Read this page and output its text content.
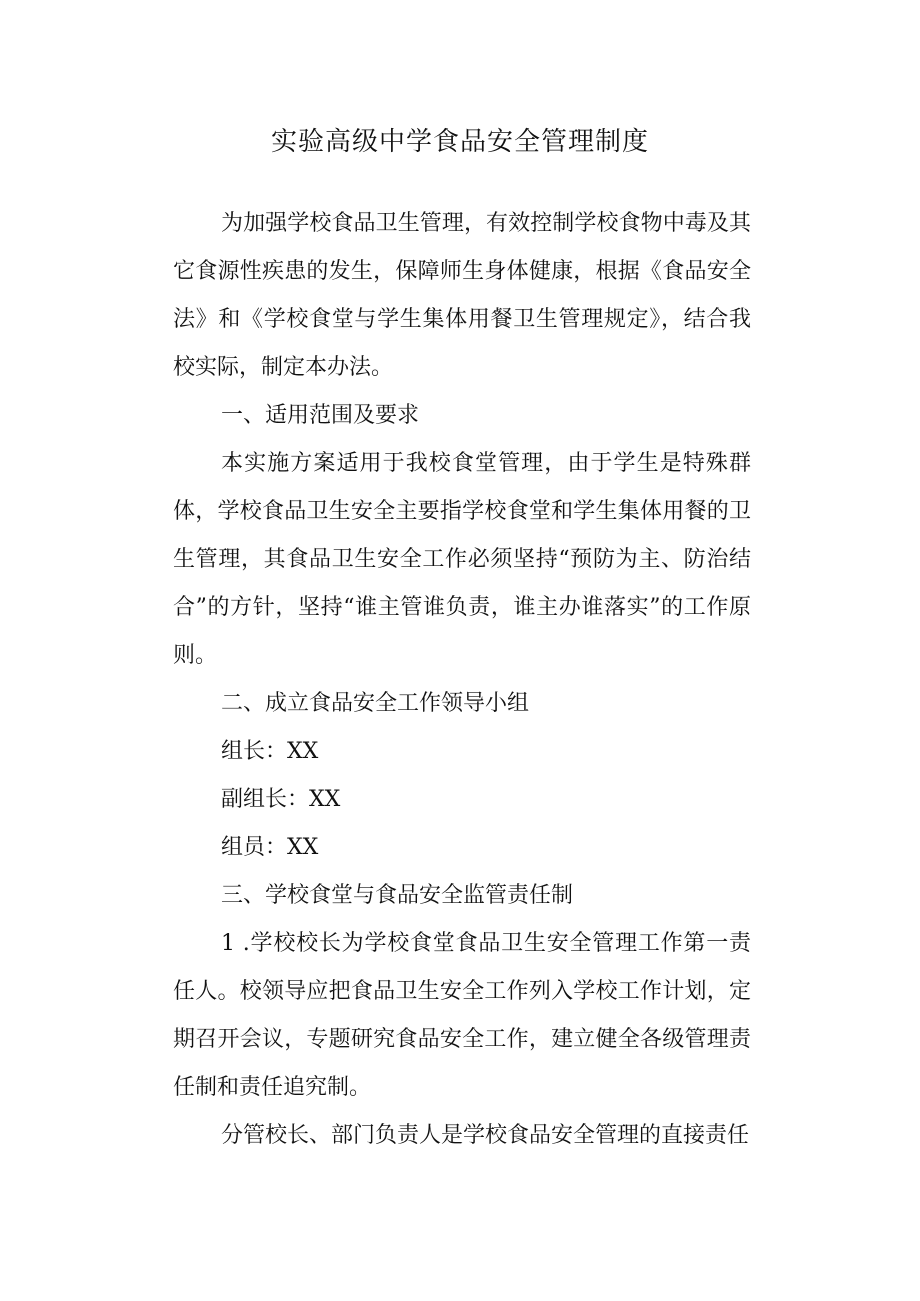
实验高级中学食品安全管理制度

为加强学校食品卫生管理，有效控制学校食物中毒及其它食源性疾患的发生，保障师生身体健康，根据《食品安全法》和《学校食堂与学生集体用餐卫生管理规定》，结合我校实际，制定本办法。

一、适用范围及要求

本实施方案适用于我校食堂管理，由于学生是特殊群体，学校食品卫生安全主要指学校食堂和学生集体用餐的卫生管理，其食品卫生安全工作必须坚持“预防为主、防治结合”的方针，坚持“谁主管谁负责，谁主办谁落实”的工作原则。

二、成立食品安全工作领导小组

组长：XX

副组长：XX

组员：XX

三、学校食堂与食品安全监管责任制

1 .学校校长为学校食堂食品卫生安全管理工作第一责任人。校领导应把食品卫生安全工作列入学校工作计划，定期召开会议，专题研究食品安全工作，建立健全各级管理责任制和责任追究制。

分管校长、部门负责人是学校食品安全管理的直接责任
